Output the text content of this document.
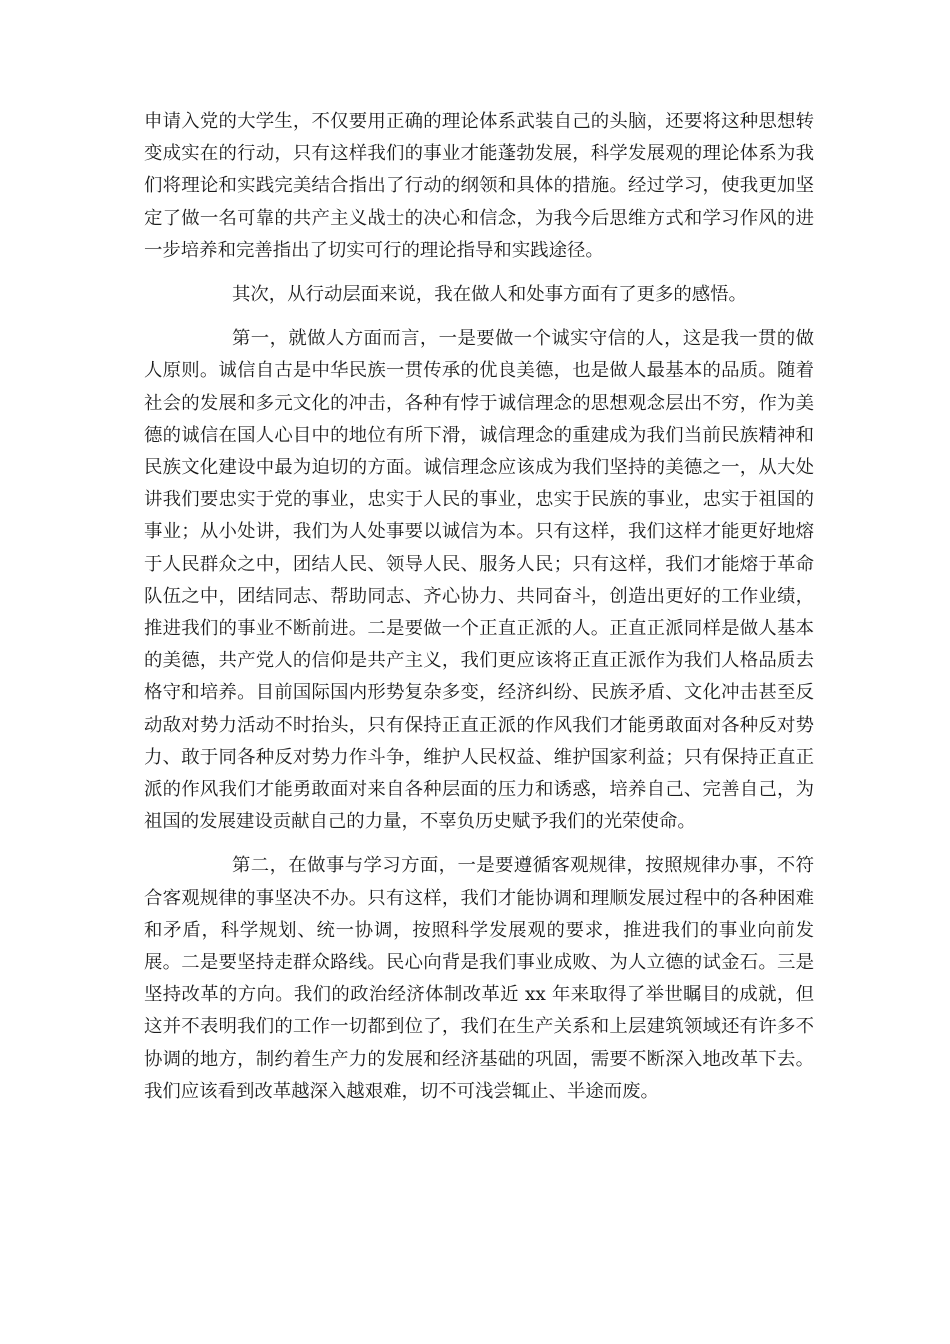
申请入党的大学生，不仅要用正确的理论体系武装自己的头脑，还要将这种思想转变成实在的行动，只有这样我们的事业才能蓬勃发展，科学发展观的理论体系为我们将理论和实践完美结合指出了行动的纲领和具体的措施。经过学习，使我更加坚定了做一名可靠的共产主义战士的决心和信念，为我今后思维方式和学习作风的进一步培养和完善指出了切实可行的理论指导和实践途径。

其次，从行动层面来说，我在做人和处事方面有了更多的感悟。

第一，就做人方面而言，一是要做一个诚实守信的人，这是我一贯的做人原则。诚信自古是中华民族一贯传承的优良美德，也是做人最基本的品质。随着社会的发展和多元文化的冲击，各种有悖于诚信理念的思想观念层出不穷，作为美德的诚信在国人心目中的地位有所下滑，诚信理念的重建成为我们当前民族精神和民族文化建设中最为迫切的方面。诚信理念应该成为我们坚持的美德之一，从大处讲我们要忠实于党的事业，忠实于人民的事业，忠实于民族的事业，忠实于祖国的事业；从小处讲，我们为人处事要以诚信为本。只有这样，我们这样才能更好地熔于人民群众之中，团结人民、领导人民、服务人民；只有这样，我们才能熔于革命队伍之中，团结同志、帮助同志、齐心协力、共同奋斗，创造出更好的工作业绩，推进我们的事业不断前进。二是要做一个正直正派的人。正直正派同样是做人基本的美德，共产党人的信仰是共产主义，我们更应该将正直正派作为我们人格品质去格守和培养。目前国际国内形势复杂多变，经济纠纷、民族矛盾、文化冲击甚至反动敌对势力活动不时抬头，只有保持正直正派的作风我们才能勇敢面对各种反对势力、敢于同各种反对势力作斗争，维护人民权益、维护国家利益；只有保持正直正派的作风我们才能勇敢面对来自各种层面的压力和诱惑，培养自己、完善自己，为祖国的发展建设贡献自己的力量，不辜负历史赋予我们的光荣使命。

第二，在做事与学习方面，一是要遵循客观规律，按照规律办事，不符合客观规律的事坚决不办。只有这样，我们才能协调和理顺发展过程中的各种困难和矛盾，科学规划、统一协调，按照科学发展观的要求，推进我们的事业向前发展。二是要坚持走群众路线。民心向背是我们事业成败、为人立德的试金石。三是坚持改革的方向。我们的政治经济体制改革近 xx 年来取得了举世瞩目的成就，但这并不表明我们的工作一切都到位了，我们在生产关系和上层建筑领域还有许多不协调的地方，制约着生产力的发展和经济基础的巩固，需要不断深入地改革下去。我们应该看到改革越深入越艰难，切不可浅尝辄止、半途而废。
